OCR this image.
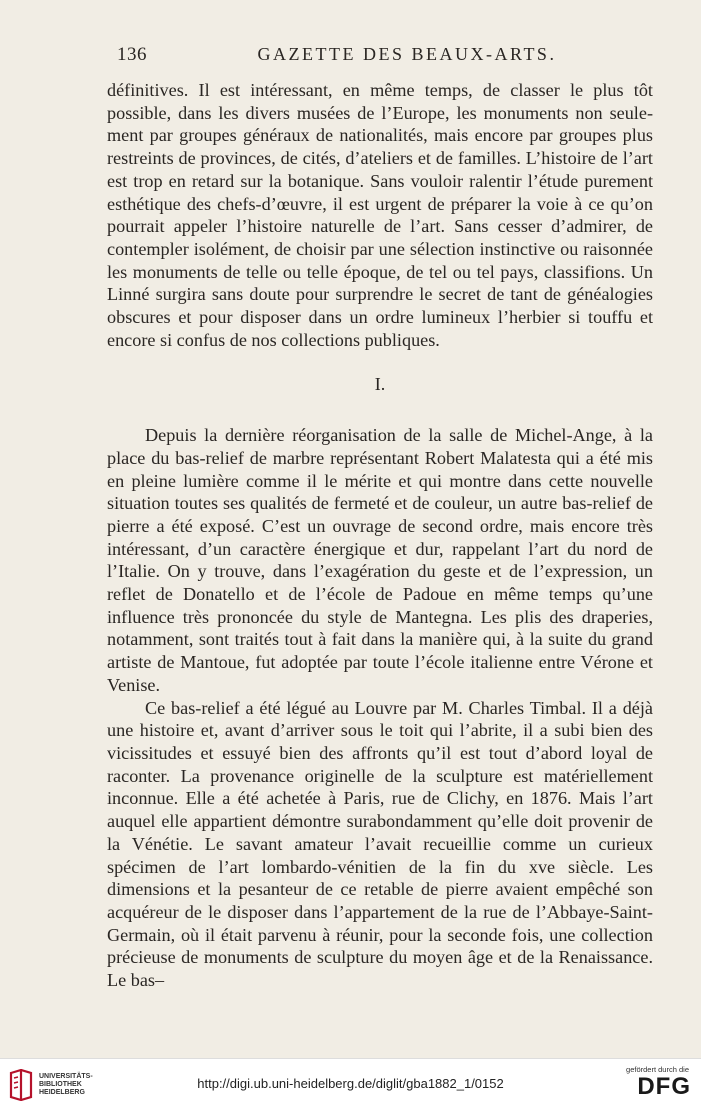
136	GAZETTE DES BEAUX-ARTS.

définitives. Il est intéressant, en même temps, de classer le plus tôt possible, dans les divers musées de l’Europe, les monuments non seulement par groupes généraux de nationalités, mais encore par groupes plus restreints de provinces, de cités, d’ateliers et de familles. L’histoire de l’art est trop en retard sur la botanique. Sans vouloir ralentir l’étude purement esthétique des chefs-d’œuvre, il est urgent de préparer la voie à ce qu’on pourrait appeler l’histoire naturelle de l’art. Sans cesser d’admirer, de contempler isolément, de choisir par une sélection instinctive ou raisonnée les monuments de telle ou telle époque, de tel ou tel pays, classifions. Un Linné surgira sans doute pour surprendre le secret de tant de généalogies obscures et pour disposer dans un ordre lumineux l’herbier si touffu et encore si confus de nos collections publiques.

I.

Depuis la dernière réorganisation de la salle de Michel-Ange, à la place du bas-relief de marbre représentant Robert Malatesta qui a été mis en pleine lumière comme il le mérite et qui montre dans cette nouvelle situation toutes ses qualités de fermeté et de couleur, un autre bas-relief de pierre a été exposé. C’est un ouvrage de second ordre, mais encore très intéressant, d’un caractère énergique et dur, rappelant l’art du nord de l’Italie. On y trouve, dans l’exagération du geste et de l’expression, un reflet de Donatello et de l’école de Padoue en même temps qu’une influence très prononcée du style de Mantegna. Les plis des draperies, notamment, sont traités tout à fait dans la manière qui, à la suite du grand artiste de Mantoue, fut adoptée par toute l’école italienne entre Vérone et Venise.

Ce bas-relief a été légué au Louvre par M. Charles Timbal. Il a déjà une histoire et, avant d’arriver sous le toit qui l’abrite, il a subi bien des vicissitudes et essuyé bien des affronts qu’il est tout d’abord loyal de raconter. La provenance originelle de la sculpture est matériellement inconnue. Elle a été achetée à Paris, rue de Clichy, en 1876. Mais l’art auquel elle appartient démontre surabondamment qu’elle doit provenir de la Vénétie. Le savant amateur l’avait recueillie comme un curieux spécimen de l’art lombardo-vénitien de la fin du xve siècle. Les dimensions et la pesanteur de ce retable de pierre avaient empêché son acquéreur de le disposer dans l’appartement de la rue de l’Abbaye-Saint-Germain, où il était parvenu à réunir, pour la seconde fois, une collection précieuse de monuments de sculpture du moyen âge et de la Renaissance. Le bas–

UNIVERSITÄTS-
BIBLIOTHEK
HEIDELBERG
http://digi.ub.uni-heidelberg.de/diglit/gba1882_1/0152
gefördert durch die
DFG
